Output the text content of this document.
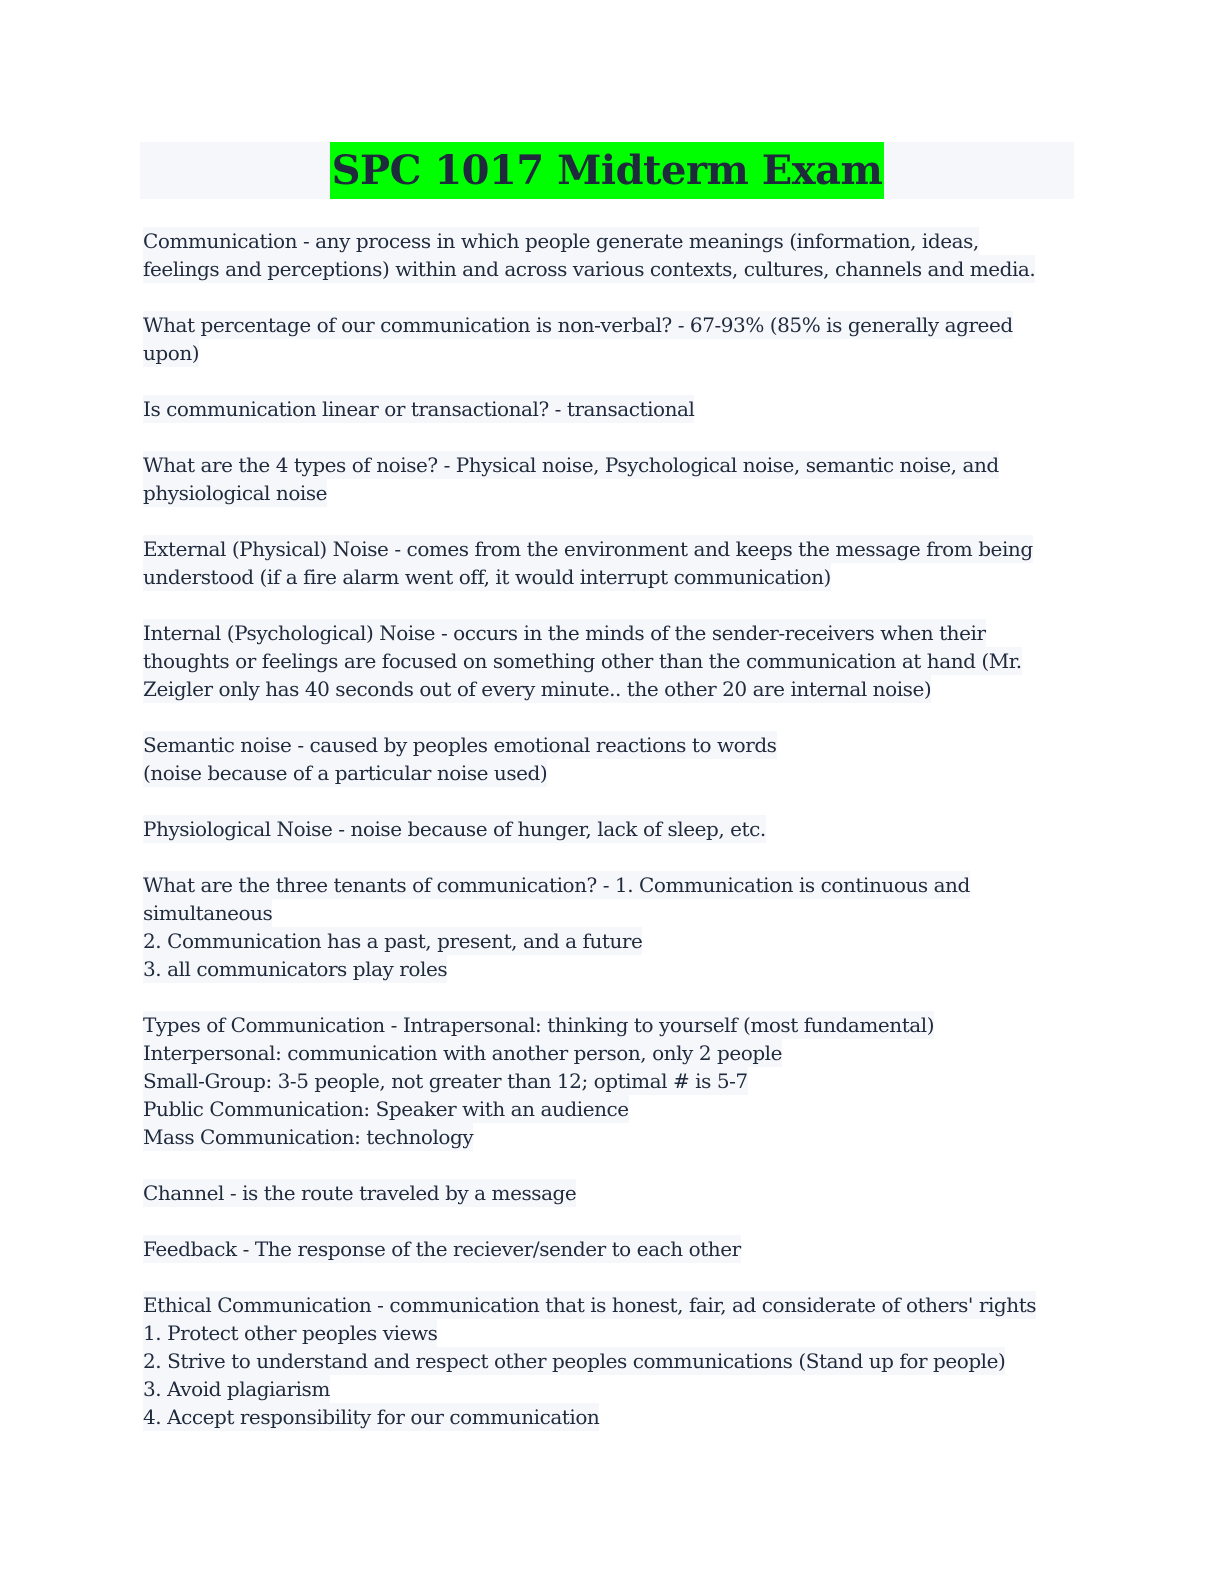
SPC 1017 Midterm Exam
Communication - any process in which people generate meanings (information, ideas,
feelings and perceptions) within and across various contexts, cultures, channels and media.
What percentage of our communication is non-verbal? - 67-93% (85% is generally agreed
upon)
Is communication linear or transactional? - transactional
What are the 4 types of noise? - Physical noise, Psychological noise, semantic noise, and
physiological noise
External (Physical) Noise - comes from the environment and keeps the message from being
understood (if a fire alarm went off, it would interrupt communication)
Internal (Psychological) Noise - occurs in the minds of the sender-receivers when their
thoughts or feelings are focused on something other than the communication at hand (Mr.
Zeigler only has 40 seconds out of every minute.. the other 20 are internal noise)
Semantic noise - caused by peoples emotional reactions to words
(noise because of a particular noise used)
Physiological Noise - noise because of hunger, lack of sleep, etc.
What are the three tenants of communication? - 1. Communication is continuous and
simultaneous
2. Communication has a past, present, and a future
3. all communicators play roles
Types of Communication - Intrapersonal: thinking to yourself (most fundamental)
Interpersonal: communication with another person, only 2 people
Small-Group: 3-5 people, not greater than 12; optimal # is 5-7
Public Communication: Speaker with an audience
Mass Communication: technology
Channel - is the route traveled by a message
Feedback - The response of the reciever/sender to each other
Ethical Communication - communication that is honest, fair, ad considerate of others' rights
1. Protect other peoples views
2. Strive to understand and respect other peoples communications (Stand up for people)
3. Avoid plagiarism
4. Accept responsibility for our communication
